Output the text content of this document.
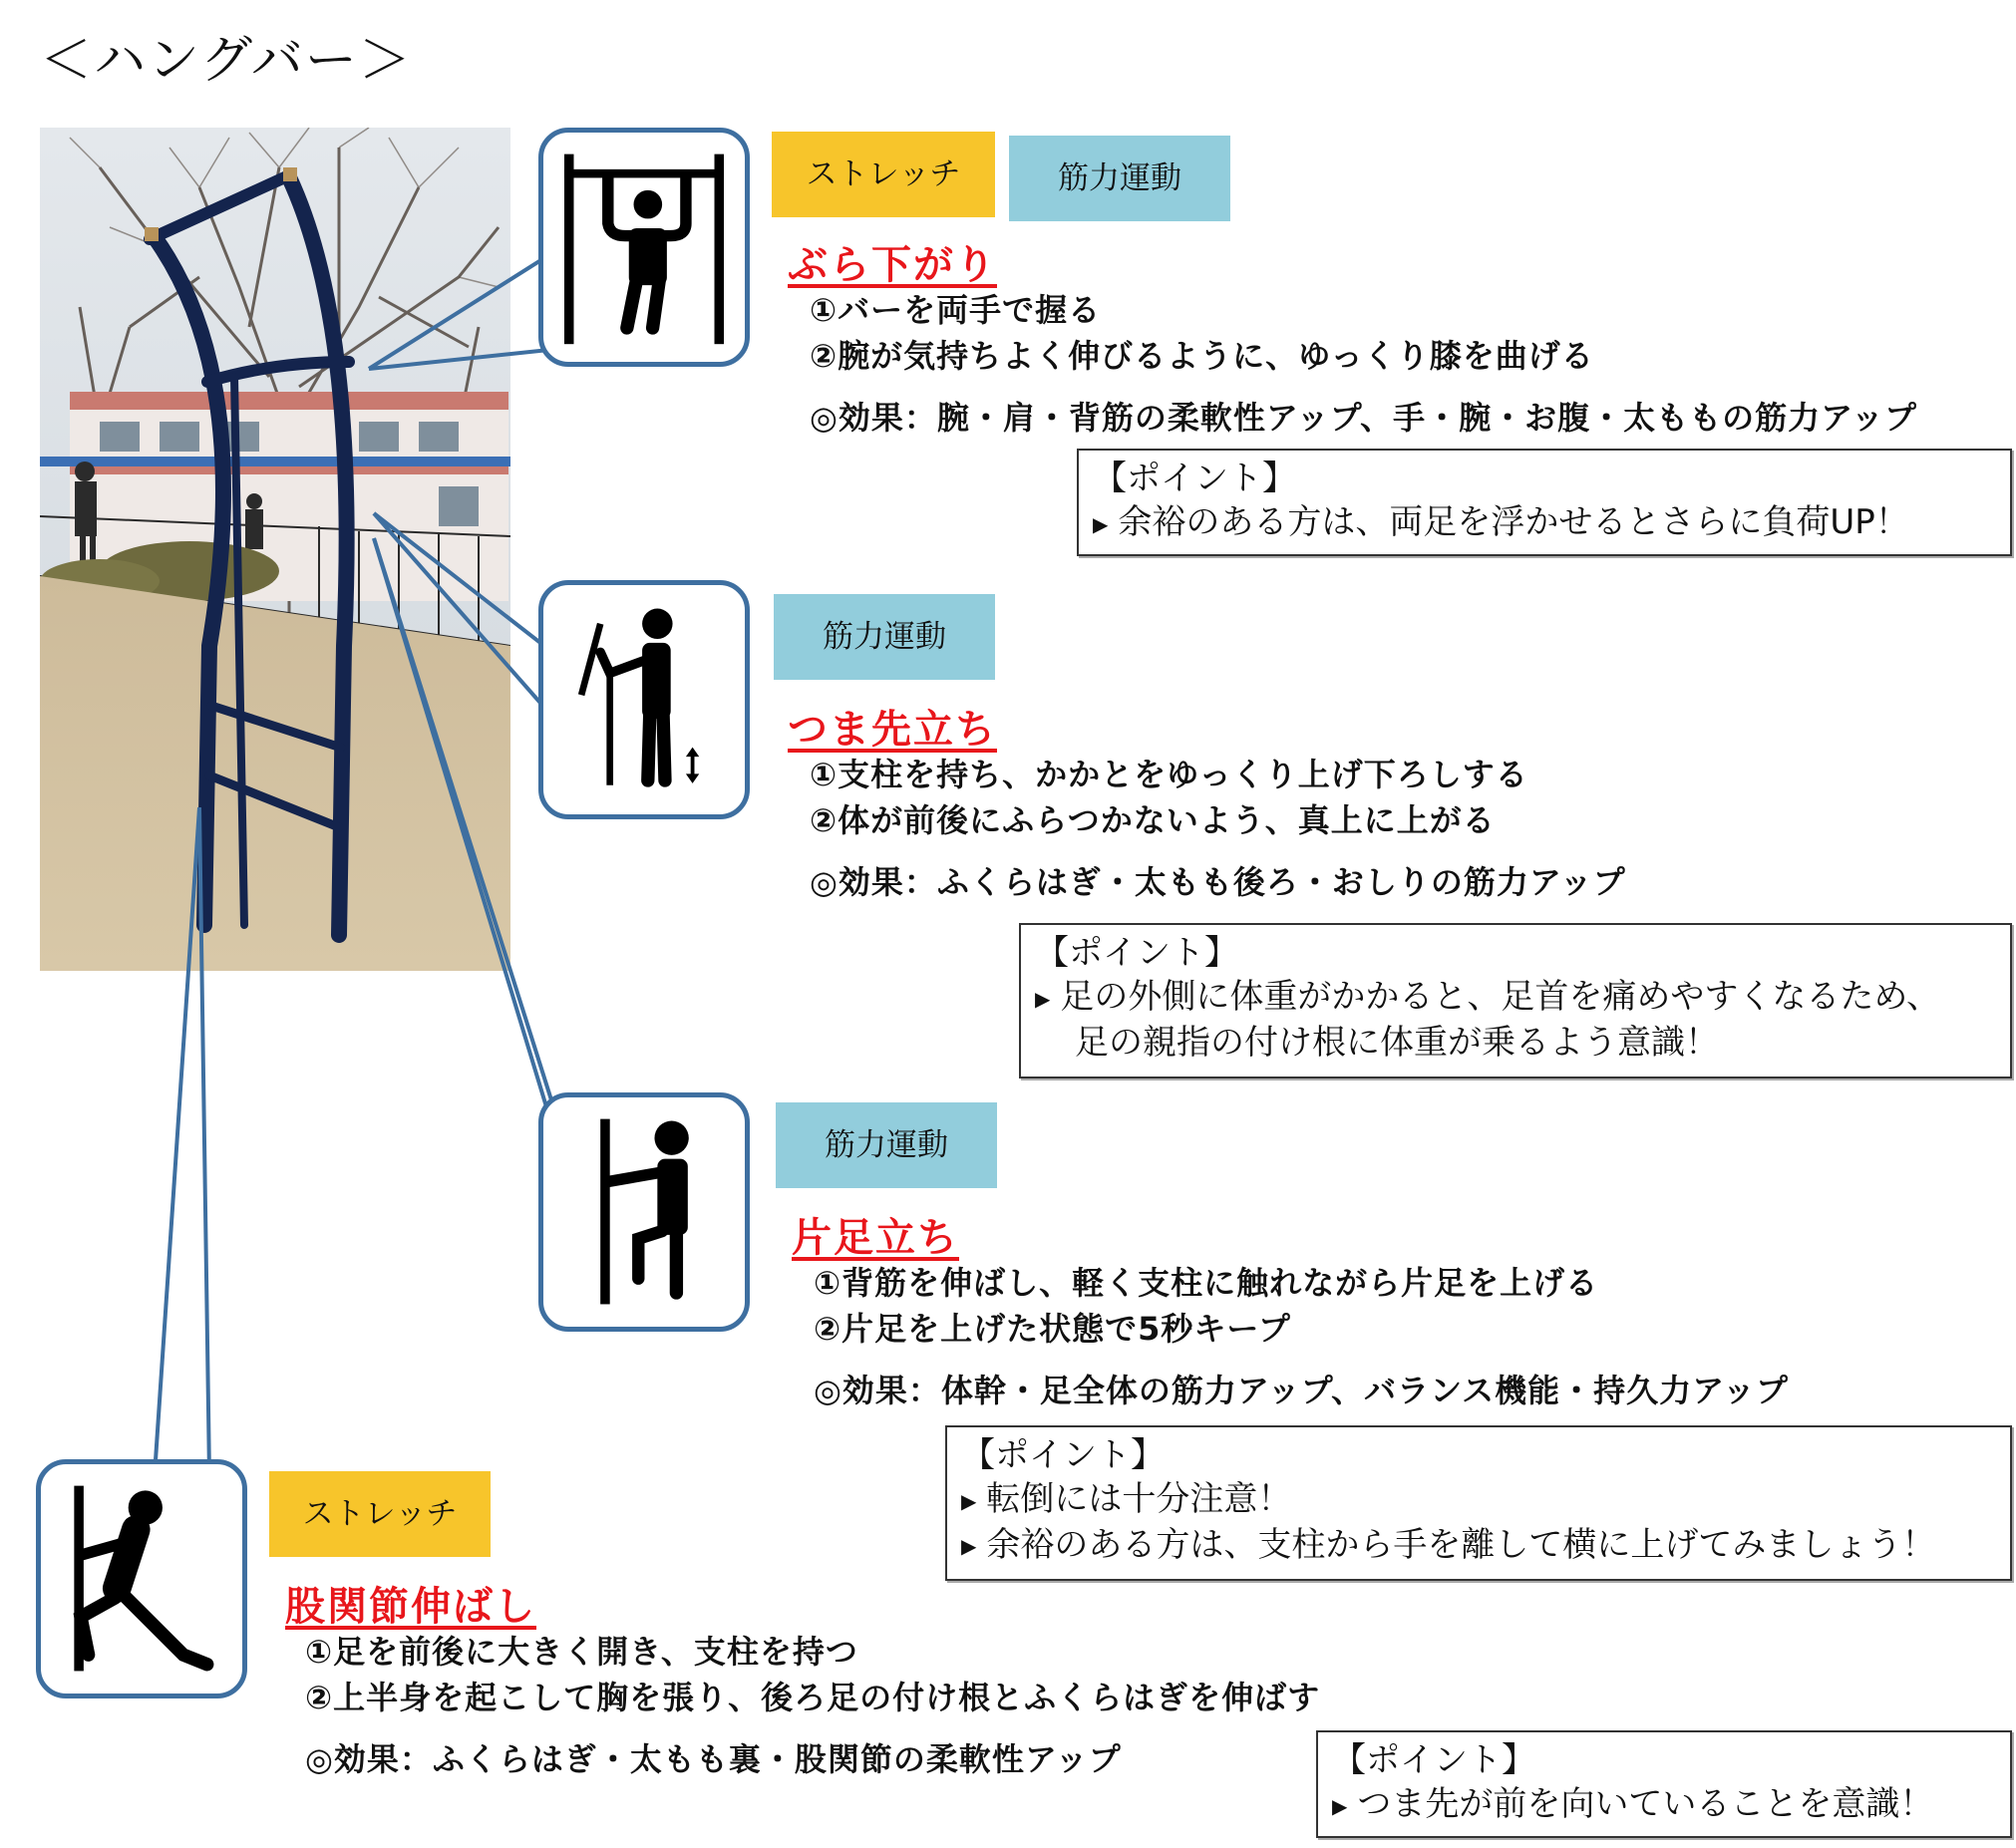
＜ハングバー＞
ストレッチ	筋力運動
ぶら下がり
①バーを両手で握る
②腕が気持ちよく伸びるように、ゆっくり膝を曲げる
◎効果：腕・肩・背筋の柔軟性アップ、手・腕・お腹・太ももの筋力アップ
【ポイント】
▶ 余裕のある方は、両足を浮かせるとさらに負荷UP！
筋力運動
つま先立ち
①支柱を持ち、かかとをゆっくり上げ下ろしする
②体が前後にふらつかないよう、真上に上がる
◎効果：ふくらはぎ・太もも後ろ・おしりの筋力アップ
【ポイント】
▶ 足の外側に体重がかかると、足首を痛めやすくなるため、
足の親指の付け根に体重が乗るよう意識！
筋力運動
片足立ち
①背筋を伸ばし、軽く支柱に触れながら片足を上げる
②片足を上げた状態で5秒キープ
◎効果：体幹・足全体の筋力アップ、バランス機能・持久力アップ
【ポイント】
▶ 転倒には十分注意！
▶ 余裕のある方は、支柱から手を離して横に上げてみましょう！
ストレッチ
股関節伸ばし
①足を前後に大きく開き、支柱を持つ
②上半身を起こして胸を張り、後ろ足の付け根とふくらはぎを伸ばす
◎効果：ふくらはぎ・太もも裏・股関節の柔軟性アップ	【ポイント】
▶ つま先が前を向いていることを意識！
